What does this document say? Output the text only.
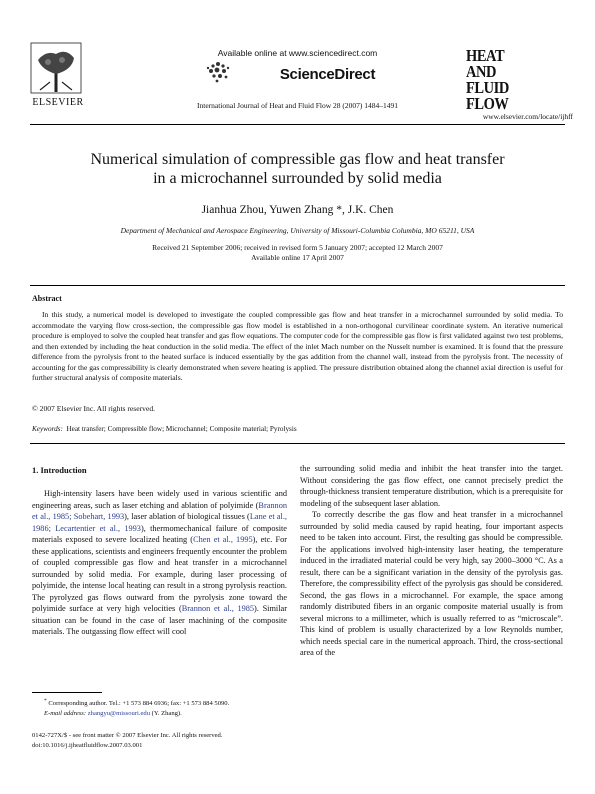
Available online at www.sciencedirect.com
ScienceDirect
ELSEVIER	International Journal of Heat and Fluid Flow 28 (2007) 1484–1491
HEAT AND
FLUID FLOW
www.elsevier.com/locate/ijhff
Numerical simulation of compressible gas flow and heat transfer
in a microchannel surrounded by solid media
Jianhua Zhou, Yuwen Zhang *, J.K. Chen
Department of Mechanical and Aerospace Engineering, University of Missouri-Columbia Columbia, MO 65211, USA
Received 21 September 2006; received in revised form 5 January 2007; accepted 12 March 2007
Available online 17 April 2007
Abstract
In this study, a numerical model is developed to investigate the coupled compressible gas flow and heat transfer in a microchannel surrounded by solid media. To accommodate the varying flow cross-section, the compressible gas flow model is established in a non-orthogonal curvilinear coordinate system. An iterative numerical procedure is employed to solve the coupled heat transfer and gas flow equations. The computer code for the compressible gas flow is first validated against two test problems, and then extended by including the heat conduction in the solid media. The effect of the inlet Mach number on the Nusselt number is examined. It is found that the pressure difference from the pyrolysis front to the heated surface is induced essentially by the gas addition from the channel wall, instead from the pyrolysis front. The necessity of accounting for the gas compressibility is clearly demonstrated when severe heating is applied. The pressure distribution obtained along the channel axial direction is useful for further structural analysis of composite materials.
© 2007 Elsevier Inc. All rights reserved.
Keywords: Heat transfer; Compressible flow; Microchannel; Composite material; Pyrolysis
1. Introduction
High-intensity lasers have been widely used in various scientific and engineering areas, such as laser etching and ablation of polyimide (Brannon et al., 1985; Sobehart, 1993), laser ablation of biological tissues (Lane et al., 1986; Lecartentier et al., 1993), thermomechanical failure of composite materials exposed to severe localized heating (Chen et al., 1995), etc. For these applications, scientists and engineers frequently encounter the problem of coupled compressible gas flow and heat transfer in a microchannel surrounded by solid media. For example, during laser processing of polyimide, the intense local heating can result in a strong pyrolysis reaction. The pyrolyzed gas flows outward from the pyrolysis zone toward the polyimide surface at very high velocities (Brannon et al., 1985). Similar situation can be found in the case of laser machining of the composite materials. The outgassing flow effect will cool

the surrounding solid media and inhibit the heat transfer into the target. Without considering the gas flow effect, one cannot precisely predict the through-thickness transient temperature distribution, which is a prerequisite for modeling of the subsequent laser ablation.

To correctly describe the gas flow and heat transfer in a microchannel surrounded by solid media caused by rapid heating, four important aspects need to be taken into account. First, the resulting gas should be compressible. For the applications involved high-intensity laser heating, the temperature induced in the irradiated material could be very high, say 2000–3000 °C. As a result, there can be a significant variation in the density of the pyrolysis gas. Therefore, the compressibility effect of the pyrolysis gas should be considered. Second, the gas flows in a microchannel. For example, the space among randomly distributed fibers in an organic composite material usually is from several microns to a millimeter, which is usually referred to as “microscale”. This kind of problem is usually characterized by a low Reynolds number, which needs special care in the numerical approach. Third, the cross-sectional area of the

* Corresponding author. Tel.: +1 573 884 6936; fax: +1 573 884 5090.
E-mail address: zhangyu@missouri.edu (Y. Zhang).
0142-727X/$ - see front matter © 2007 Elsevier Inc. All rights reserved.
doi:10.1016/j.ijheatfluidflow.2007.03.001
